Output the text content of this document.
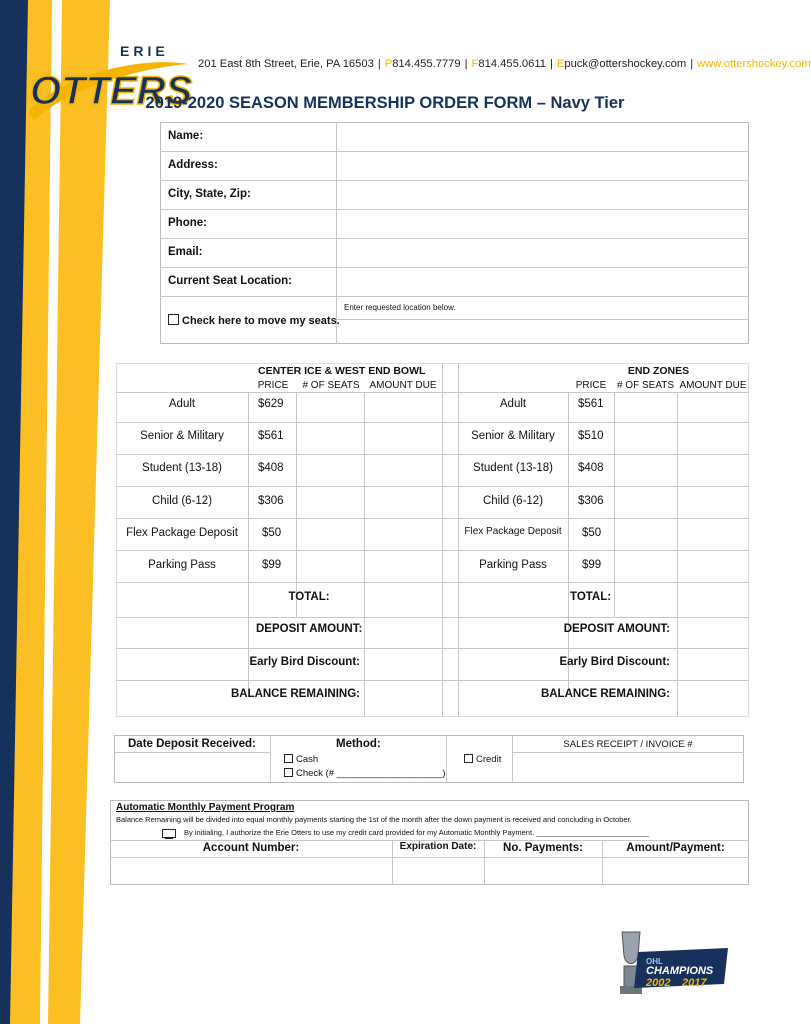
ERIE
OTTERS
201 East 8th Street, Erie, PA 16503 | P814.455.7779 | F814.455.0611 | Epuck@ottershockey.com | www.ottershockey.com
2019-2020 SEASON MEMBERSHIP ORDER FORM – Navy Tier
Name:
Address:
City, State, Zip:
Phone:
Email:
Current Seat Location:
Enter requested location below.
Check here to move my seats.
CENTER ICE & WEST END BOWL
PRICE	# OF SEATS AMOUNT DUE
END ZONES
PRICE	# OF SEATS AMOUNT DUE
Adult	$629
Senior & Military	$561
Student (13-18)	$408
Child (6-12)	$306
Flex Package Deposit	$50
Parking Pass	$99
Adult	$561
Senior & Military	$510
Student (13-18)	$408
Child (6-12)	$306
Flex Package Deposit	$50
Parking Pass	$99
TOTAL:
DEPOSIT AMOUNT:
Early Bird Discount:
BALANCE REMAINING:
TOTAL:
DEPOSIT AMOUNT:
Early Bird Discount:
BALANCE REMAINING:
Date Deposit Received:	Method:
Cash
Check (# ____________________)
Credit
SALES RECEIPT / INVOICE #
Automatic Monthly Payment Program
Balance Remaining will be divided into equal monthly payments starting the 1st of the month after the down payment is received and concluding in October.
By initialing, I authorize the Erie Otters to use my credit card provided for my Automatic Monthly Payment. ___________________________
Account Number:	Expiration Date:	No. Payments:	Amount/Payment:
OHL
CHAMPIONS
2002 2017
